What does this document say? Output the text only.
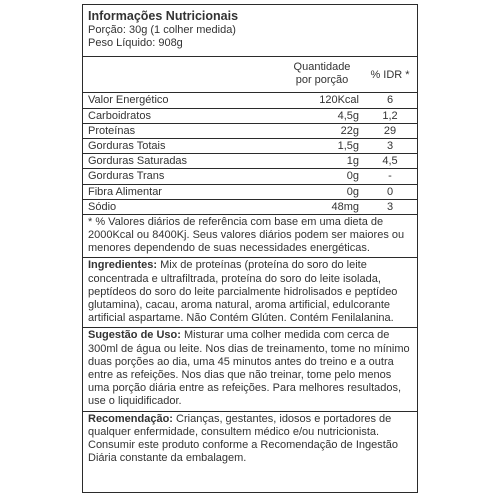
Informações Nutricionais
Porção: 30g (1 colher medida)
Peso Líquido: 908g
Quantidade
por porção	% IDR *
Valor Energético	120Kcal	6
Carboidratos	4,5g	1,2
Proteínas	22g	29
Gorduras Totais	1,5g	3
Gorduras Saturadas	1g	4,5
Gorduras Trans	0g	-
Fibra Alimentar	0g	0
Sódio	48mg	3
* % Valores diários de referência com base em uma dieta de 2000Kcal ou 8400Kj. Seus valores diários podem ser maiores ou menores dependendo de suas necessidades energéticas.
Ingredientes: Mix de proteínas (proteína do soro do leite concentrada e ultrafiltrada, proteína do soro do leite isolada, peptídeos do soro do leite parcialmente hidrolisados e peptídeo glutamina), cacau, aroma natural, aroma artificial, edulcorante artificial aspartame. Não Contém Glúten. Contém Fenilalanina.
Sugestão de Uso: Misturar uma colher medida com cerca de 300ml de água ou leite. Nos dias de treinamento, tome no mínimo duas porções ao dia, uma 45 minutos antes do treino e a outra entre as refeições. Nos dias que não treinar, tome pelo menos uma porção diária entre as refeições. Para melhores resultados, use o liquidificador.
Recomendação: Crianças, gestantes, idosos e portadores de qualquer enfermidade, consultem médico e/ou nutricionista. Consumir este produto conforme a Recomendação de Ingestão Diária constante da embalagem.
